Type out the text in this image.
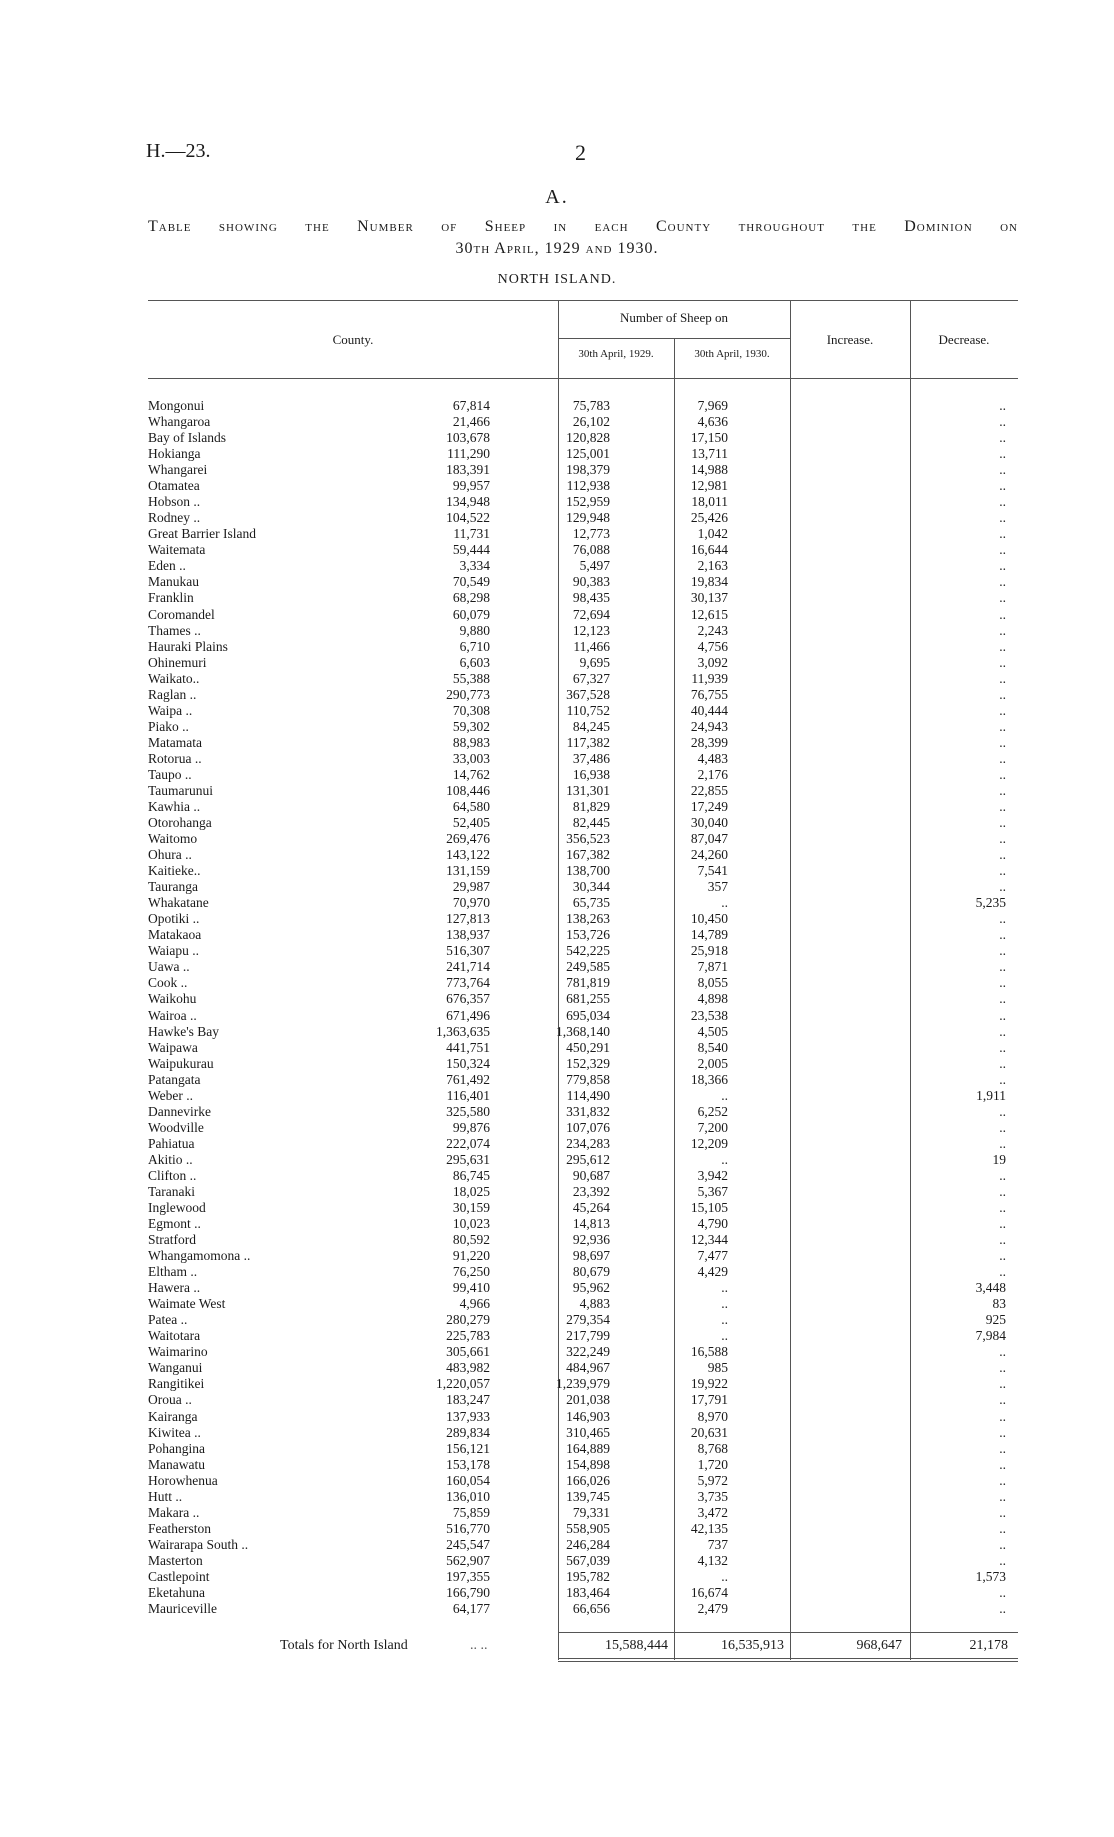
H.—23.	2
A.
Table showing the Number of Sheep in each County throughout the Dominion on
30th April, 1929 and 1930.
NORTH ISLAND.
County.
Number of Sheep on
30th April, 1929.	30th April, 1930.
Increase.	Decrease.
Mongonui	67,814	75,783	7,969	..
Whangaroa	21,466	26,102	4,636	..
Bay of Islands	103,678	120,828	17,150	..
Hokianga	111,290	125,001	13,711	..
Whangarei	183,391	198,379	14,988	..
Otamatea	99,957	112,938	12,981	..
Hobson ..	134,948	152,959	18,011	..
Rodney ..	104,522	129,948	25,426	..
Great Barrier Island	11,731	12,773	1,042	..
Waitemata	59,444	76,088	16,644	..
Eden ..	3,334	5,497	2,163	..
Manukau	70,549	90,383	19,834	..
Franklin	68,298	98,435	30,137	..
Coromandel	60,079	72,694	12,615	..
Thames ..	9,880	12,123	2,243	..
Hauraki Plains	6,710	11,466	4,756	..
Ohinemuri	6,603	9,695	3,092	..
Waikato..	55,388	67,327	11,939	..
Raglan ..	290,773	367,528	76,755	..
Waipa ..	70,308	110,752	40,444	..
Piako ..	59,302	84,245	24,943	..
Matamata	88,983	117,382	28,399	..
Rotorua ..	33,003	37,486	4,483	..
Taupo ..	14,762	16,938	2,176	..
Taumarunui	108,446	131,301	22,855	..
Kawhia ..	64,580	81,829	17,249	..
Otorohanga	52,405	82,445	30,040	..
Waitomo	269,476	356,523	87,047	..
Ohura ..	143,122	167,382	24,260	..
Kaitieke..	131,159	138,700	7,541	..
Tauranga	29,987	30,344	357	..
Whakatane	70,970	65,735	..	5,235
Opotiki ..	127,813	138,263	10,450	..
Matakaoa	138,937	153,726	14,789	..
Waiapu ..	516,307	542,225	25,918	..
Uawa ..	241,714	249,585	7,871	..
Cook ..	773,764	781,819	8,055	..
Waikohu	676,357	681,255	4,898	..
Wairoa ..	671,496	695,034	23,538	..
Hawke's Bay	1,363,635	1,368,140	4,505	..
Waipawa	441,751	450,291	8,540	..
Waipukurau	150,324	152,329	2,005	..
Patangata	761,492	779,858	18,366	..
Weber ..	116,401	114,490	..	1,911
Dannevirke	325,580	331,832	6,252	..
Woodville	99,876	107,076	7,200	..
Pahiatua	222,074	234,283	12,209	..
Akitio ..	295,631	295,612	..	19
Clifton ..	86,745	90,687	3,942	..
Taranaki	18,025	23,392	5,367	..
Inglewood	30,159	45,264	15,105	..
Egmont ..	10,023	14,813	4,790	..
Stratford	80,592	92,936	12,344	..
Whangamomona ..	91,220	98,697	7,477	..
Eltham ..	76,250	80,679	4,429	..
Hawera ..	99,410	95,962	..	3,448
Waimate West	4,966	4,883	..	83
Patea ..	280,279	279,354	..	925
Waitotara	225,783	217,799	..	7,984
Waimarino	305,661	322,249	16,588	..
Wanganui	483,982	484,967	985	..
Rangitikei	1,220,057	1,239,979	19,922	..
Oroua ..	183,247	201,038	17,791	..
Kairanga	137,933	146,903	8,970	..
Kiwitea ..	289,834	310,465	20,631	..
Pohangina	156,121	164,889	8,768	..
Manawatu	153,178	154,898	1,720	..
Horowhenua	160,054	166,026	5,972	..
Hutt ..	136,010	139,745	3,735	..
Makara ..	75,859	79,331	3,472	..
Featherston	516,770	558,905	42,135	..
Wairarapa South ..	245,547	246,284	737	..
Masterton	562,907	567,039	4,132	..
Castlepoint	197,355	195,782	..	1,573
Eketahuna	166,790	183,464	16,674	..
Mauriceville	64,177	66,656	2,479	..
Totals for North Island	.. ..	15,588,444	16,535,913	968,647	21,178
